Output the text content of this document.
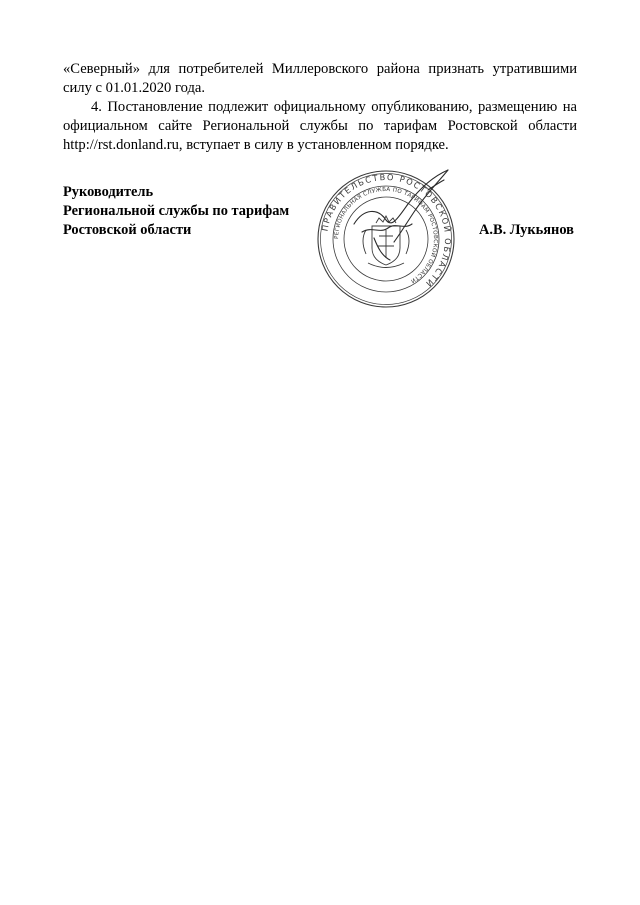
«Северный» для потребителей Миллеровского района признать утратившими силу с 01.01.2020 года.

4. Постановление подлежит официальному опубликованию, размещению на официальном сайте Региональной службы по тарифам Ростовской области http://rst.donland.ru, вступает в силу в установленном порядке.

Руководитель
Региональной службы по тарифам
Ростовской области	А.В. Лукьянов
ПРАВИТЕЛЬСТВО РОСТОВСКОЙ ОБЛАСТИ
РЕГИОНАЛЬНАЯ СЛУЖБА ПО ТАРИФАМ РОСТОВСКОЙ ОБЛАСТИ
